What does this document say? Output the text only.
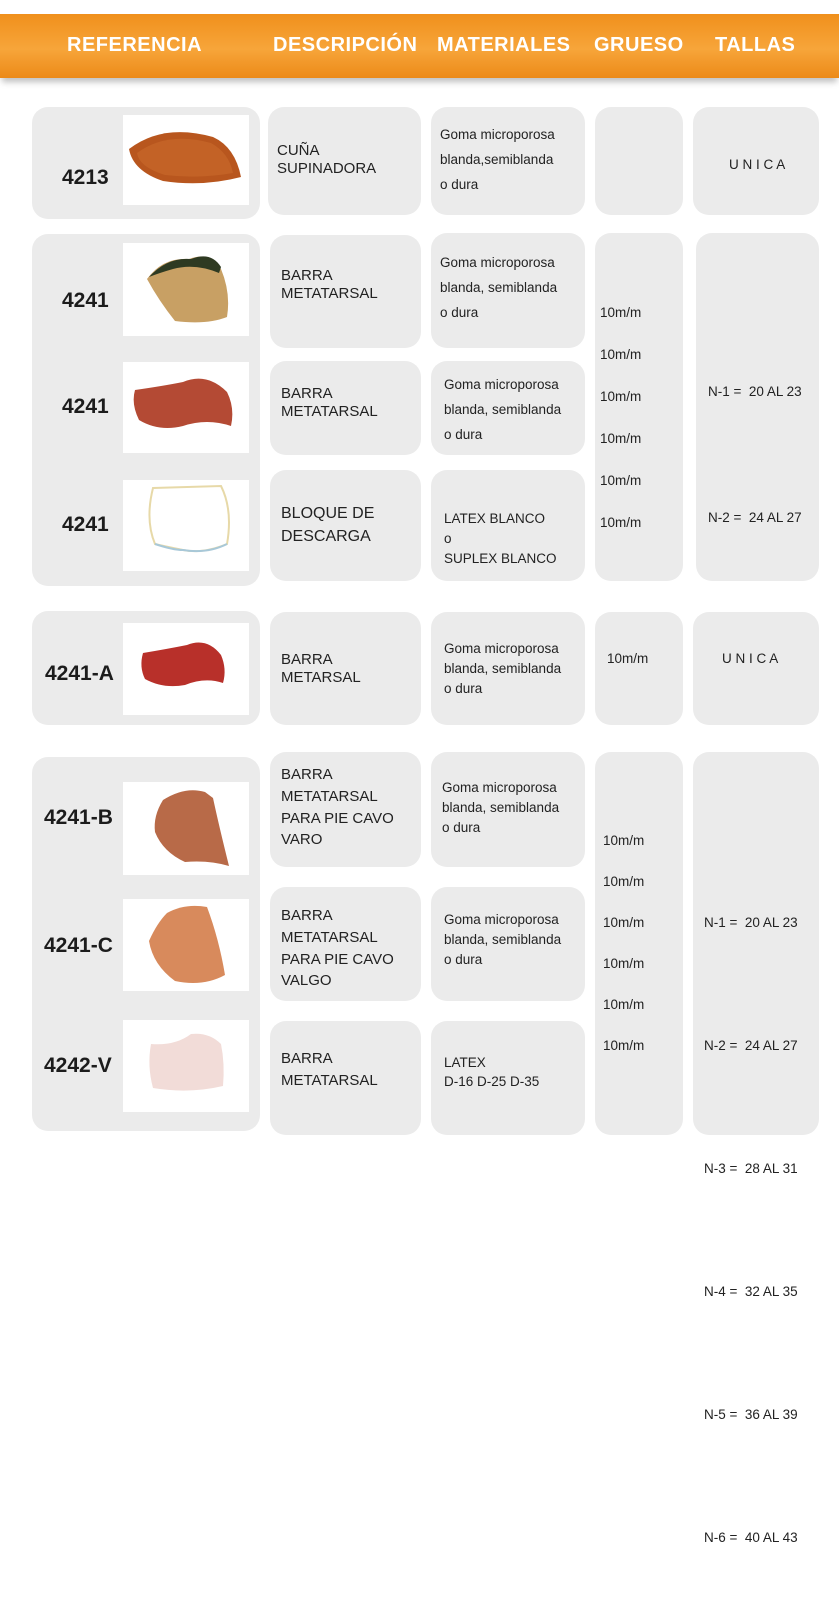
REFERENCIA	DESCRIPCIÓN MATERIALES GRUESO TALLAS
4213
CUÑA
SUPINADORA
Goma microporosa
blanda,semiblanda
o dura
U N I C A
4241
4241
4241
BARRA
METATARSAL
BARRA
METATARSAL
BLOQUE DE
DESCARGA
Goma microporosa
blanda, semiblanda
o dura
Goma microporosa
blanda, semiblanda
o dura
LATEX BLANCO
o
SUPLEX BLANCO
10m/m
10m/m
10m/m
10m/m
10m/m
10m/m

N-1 =  20 AL 23

N-2 =  24 AL 27

4241-A
BARRA
METARSAL
Goma microporosa
blanda, semiblanda
o dura
10m/m	U N I C A
4241-B
4241-C
4242-V
BARRA
METATARSAL
PARA PIE CAVO
VARO
BARRA
METATARSAL
PARA PIE CAVO
VALGO
BARRA
METATARSAL
Goma microporosa
blanda, semiblanda
o dura
Goma microporosa
blanda, semiblanda
o dura
LATEX
D-16 D-25 D-35
10m/m
10m/m
10m/m
10m/m
10m/m
10m/m

N-1 =  20 AL 23

N-2 =  24 AL 27

N-3 =  28 AL 31

N-4 =  32 AL 35

N-5 =  36 AL 39

N-6 =  40 AL 43
